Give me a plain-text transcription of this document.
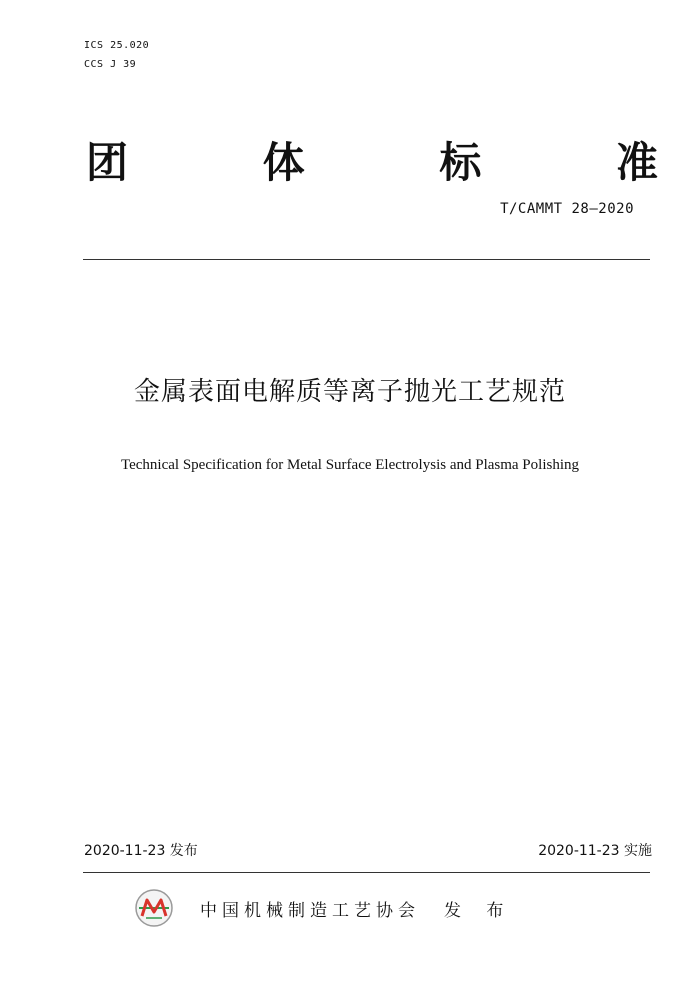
ICS 25.020
CCS J 39
团	体	标	准
T/CAMMT 28—2020
金属表面电解质等离子抛光工艺规范
Technical Specification for Metal Surface Electrolysis and Plasma Polishing
2020-11-23 发布	2020-11-23 实施
中国机械制造工艺协会 发 布
